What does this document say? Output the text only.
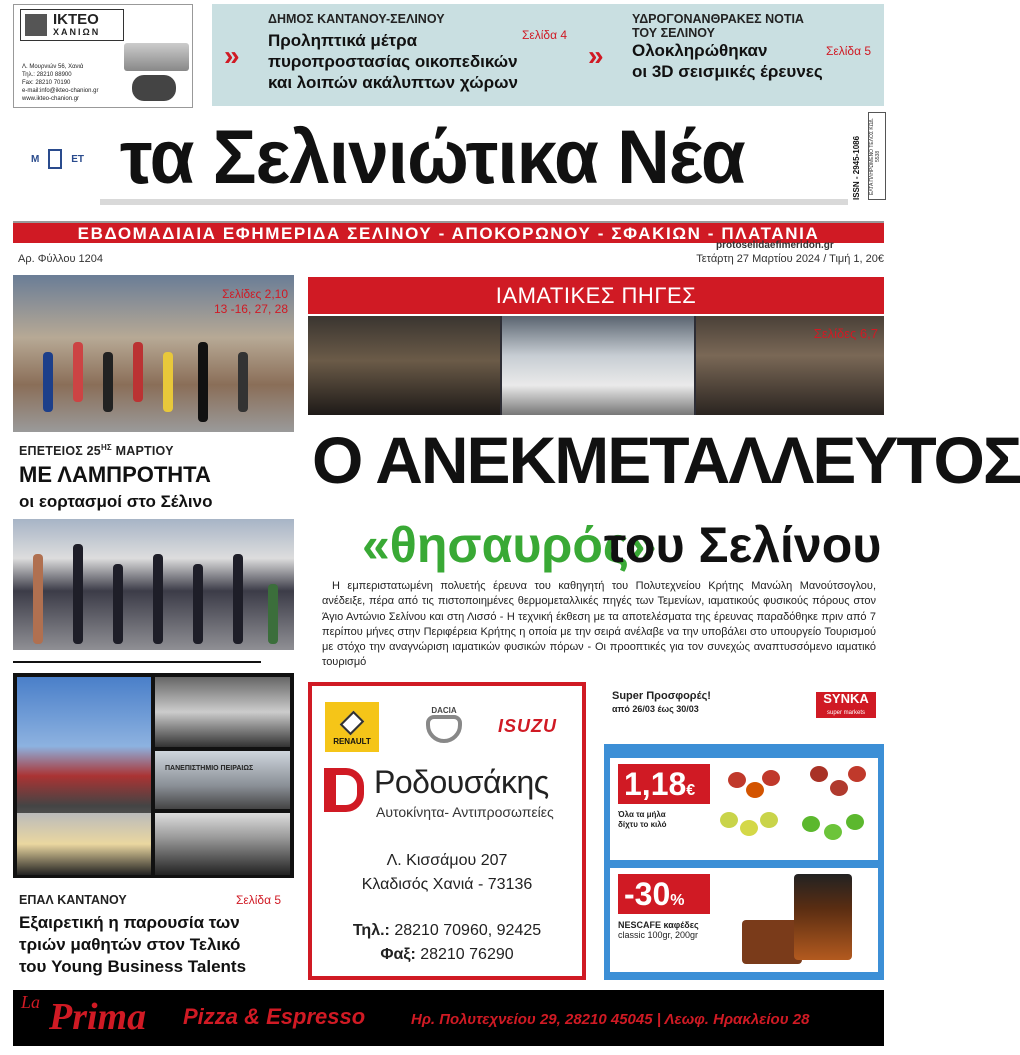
ΙΚΤΕΟ
ΧΑΝΙΩΝ
Λ. Μουρνιών 56, Χανιά
Τηλ.: 28210 88900
Fax: 28210 70190
e-mail:info@ikteo-chanion.gr
www.ikteo-chanion.gr
»
ΔΗΜΟΣ ΚΑΝΤΑΝΟΥ-ΣΕΛΙΝΟΥ
Σελίδα 4
Προληπτικά μέτρα
πυροπροστασίας οικοπεδικών
και λοιπών ακάλυπτων χώρων
»
ΥΔΡΟΓΟΝΑΝΘΡΑΚΕΣ ΝΟΤΙΑ
ΤΟΥ ΣΕΛΙΝΟΥ
Σελίδα 5
Ολοκληρώθηκαν
οι 3D σεισμικές έρευνες
Μ	ΕΤ τα Σελινιώτικα Νέα	ISSN - 2945-1086	ΕΛΤΑ ΠΛΗΡΩΜΕΝΟ ΤΕΛΟΣ ΚΩΔ. 5538
ΕΒΔΟΜΑΔΙΑΙΑ ΕΦΗΜΕΡΙΔΑ ΣΕΛΙΝΟΥ - ΑΠΟΚΟΡΩΝΟΥ - ΣΦΑΚΙΩΝ - ΠΛΑΤΑΝΙΑ
protoselidaefimeridon.gr
Αρ. Φύλλου 1204	Τετάρτη 27 Μαρτίου 2024 / Τιμή 1, 20€
Σελίδες 2,10
13 -16, 27, 28
ΕΠΕΤΕΙΟΣ $25^{H\Sigma}$ ΜΑΡΤΙΟΥ
ΜΕ ΛΑΜΠΡΟΤΗΤΑ
οι εορτασμοί στο Σέλινο
ΠΑΝΕΠΙΣΤΗΜΙΟ ΠΕΙΡΑΙΩΣ
ΕΠΑΛ ΚΑΝΤΑΝΟΥ	Σελίδα 5
Εξαιρετική η παρουσία των
τριών μαθητών στον Τελικό
του Young Business Talents
ΙΑΜΑΤΙΚΕΣ ΠΗΓΕΣ
Σελίδες 6,7
Ο ΑΝΕΚΜΕΤΑΛΛΕΥΤΟΣ
«θησαυρός»
του Σελίνου
Η εμπεριστατωμένη πολυετής έρευνα του καθηγητή του Πολυτεχνείου Κρήτης Μανώλη Μανούτσογλου, ανέδειξε, πέρα από τις πιστοποιημένες θερμομεταλλικές πηγές των Τεμενίων, ιαματικούς φυσικούς πόρους στον Άγιο Αντώνιο Σελίνου και στη Λισσό - Η τεχνική έκθεση με τα αποτελέσματα της έρευνας παραδόθηκε πριν από 7 περίπου μήνες στην Περιφέρεια Κρήτης η οποία με την σειρά ανέλαβε να την υποβάλει στο υπουργείο Τουρισμού με στόχο την αναγνώριση ιαματικών φυσικών πόρων - Οι προοπτικές για τον συνεχώς αναπτυσσόμενο ιαματικό τουρισμό
RENAULT
DACIA
ISUZU
Ροδουσάκης
Αυτοκίνητα- Αντιπροσωπείες
Λ. Κισσάμου 207
Κλαδισός Χανιά - 73136
Τηλ.: 28210 70960, 92425
Φαξ: 28210 76290
Super Προσφορές!
από 26/03 έως 30/03
SYNKA
super markets
1,18€
Όλα τα μήλα
δίχτυ το κιλό
-30%
NESCAFE καφέδες
classic 100gr, 200gr
La Prima Pizza & Espresso	Ηρ. Πολυτεχνείου 29, 28210 45045 | Λεωφ. Ηρακλείου 28
